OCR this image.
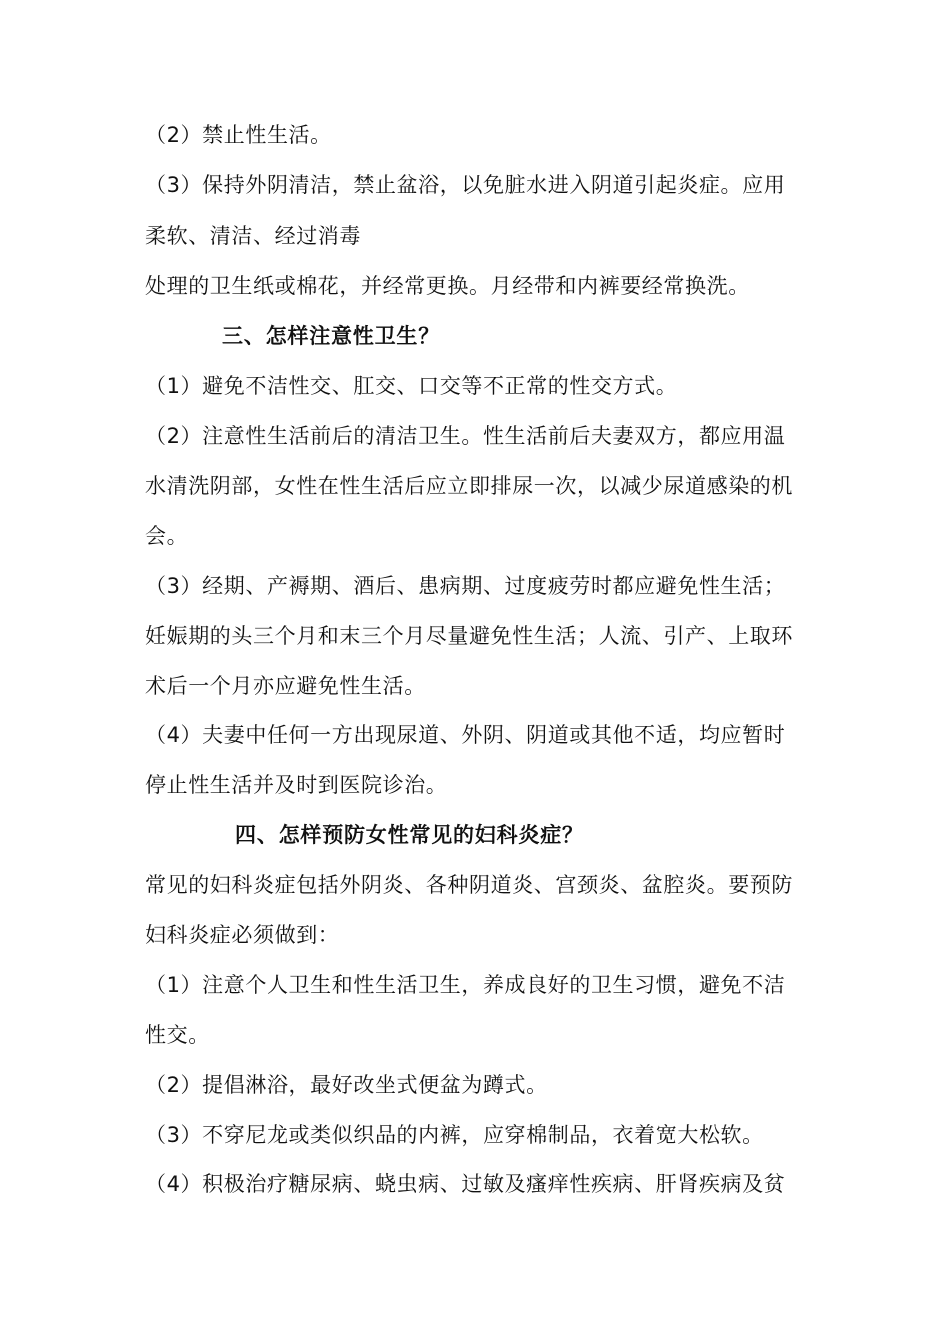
（2）禁止性生活。
（3）保持外阴清洁，禁止盆浴，以免脏水进入阴道引起炎症。应用
柔软、清洁、经过消毒
处理的卫生纸或棉花，并经常更换。月经带和内裤要经常换洗。
三、怎样注意性卫生？
（1）避免不洁性交、肛交、口交等不正常的性交方式。
（2）注意性生活前后的清洁卫生。性生活前后夫妻双方，都应用温
水清洗阴部，女性在性生活后应立即排尿一次，以减少尿道感染的机
会。
（3）经期、产褥期、酒后、患病期、过度疲劳时都应避免性生活；
妊娠期的头三个月和末三个月尽量避免性生活；人流、引产、上取环
术后一个月亦应避免性生活。
（4）夫妻中任何一方出现尿道、外阴、阴道或其他不适，均应暂时
停止性生活并及时到医院诊治。
四、怎样预防女性常见的妇科炎症？
常见的妇科炎症包括外阴炎、各种阴道炎、宫颈炎、盆腔炎。要预防
妇科炎症必须做到：
（1）注意个人卫生和性生活卫生，养成良好的卫生习惯，避免不洁
性交。
（2）提倡淋浴，最好改坐式便盆为蹲式。
（3）不穿尼龙或类似织品的内裤，应穿棉制品，衣着宽大松软。
（4）积极治疗糖尿病、蛲虫病、过敏及瘙痒性疾病、肝肾疾病及贫
